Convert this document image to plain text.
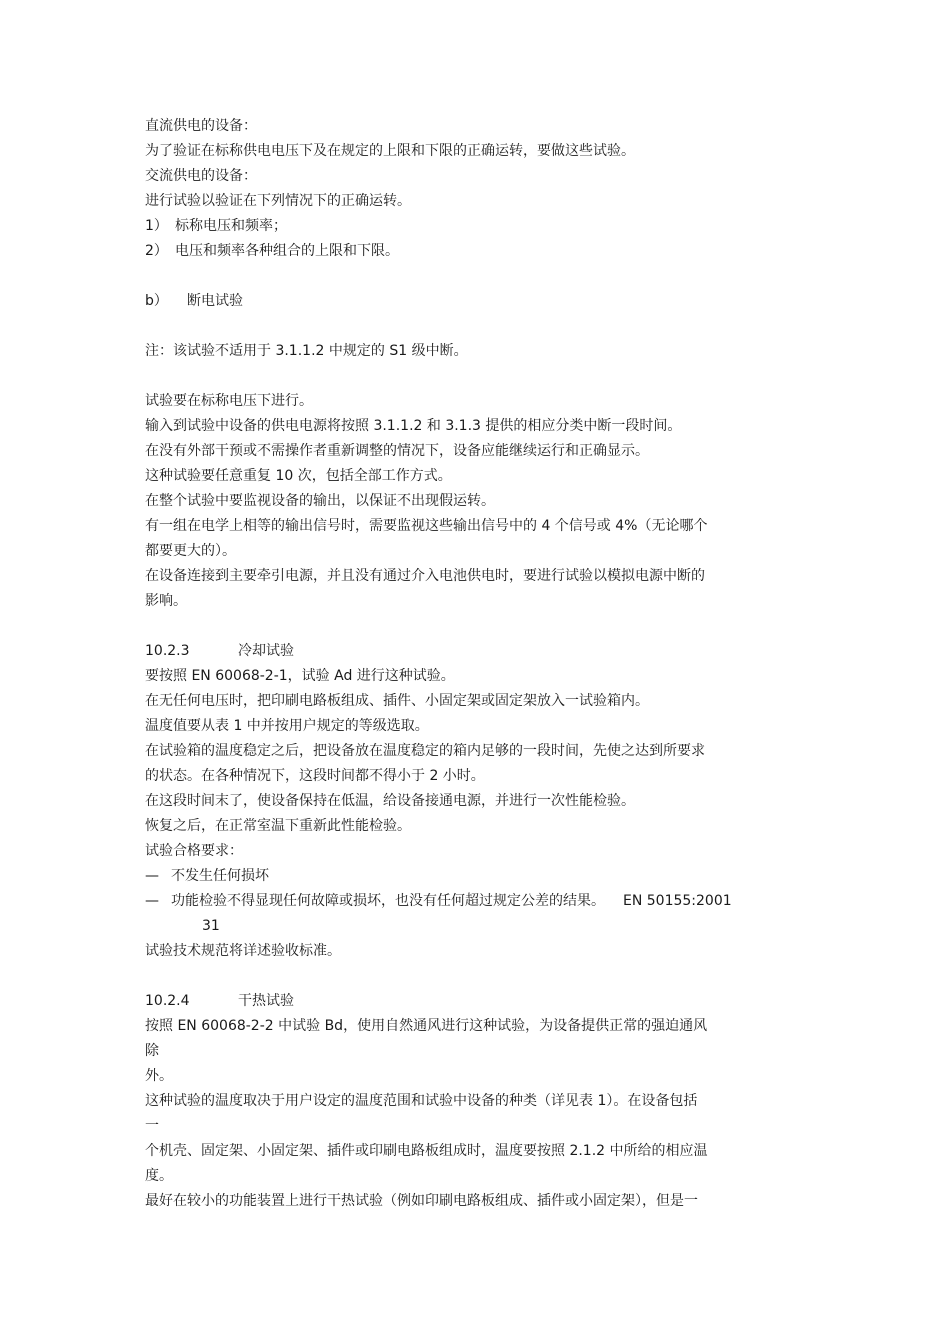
直流供电的设备：
为了验证在标称供电电压下及在规定的上限和下限的正确运转，要做这些试验。
交流供电的设备：
进行试验以验证在下列情况下的正确运转。
1） 标称电压和频率；
2） 电压和频率各种组合的上限和下限。
b） 断电试验
注：该试验不适用于 3.1.1.2 中规定的 S1 级中断。
试验要在标称电压下进行。
输入到试验中设备的供电电源将按照 3.1.1.2 和 3.1.3 提供的相应分类中断一段时间。
在没有外部干预或不需操作者重新调整的情况下，设备应能继续运行和正确显示。
这种试验要任意重复 10 次，包括全部工作方式。
在整个试验中要监视设备的输出，以保证不出现假运转。
有一组在电学上相等的输出信号时，需要监视这些输出信号中的 4 个信号或 4%（无论哪个
都要更大的）。
在设备连接到主要牵引电源，并且没有通过介入电池供电时，要进行试验以模拟电源中断的
影响。
10.2.3	冷却试验
要按照 EN 60068-2-1，试验 Ad 进行这种试验。
在无任何电压时，把印刷电路板组成、插件、小固定架或固定架放入一试验箱内。
温度值要从表 1 中并按用户规定的等级选取。
在试验箱的温度稳定之后，把设备放在温度稳定的箱内足够的一段时间，先使之达到所要求
的状态。在各种情况下，这段时间都不得小于 2 小时。
在这段时间末了，使设备保持在低温，给设备接通电源，并进行一次性能检验。
恢复之后，在正常室温下重新此性能检验。
试验合格要求：
— 不发生任何损坏
— 功能检验不得显现任何故障或损坏，也没有任何超过规定公差的结果。 EN 50155:2001
31
试验技术规范将详述验收标准。
10.2.4	干热试验
按照 EN 60068-2-2 中试验 Bd，使用自然通风进行这种试验，为设备提供正常的强迫通风
除
外。
这种试验的温度取决于用户设定的温度范围和试验中设备的种类（详见表 1）。在设备包括
一
个机壳、固定架、小固定架、插件或印刷电路板组成时，温度要按照 2.1.2 中所给的相应温
度。
最好在较小的功能装置上进行干热试验（例如印刷电路板组成、插件或小固定架），但是一
